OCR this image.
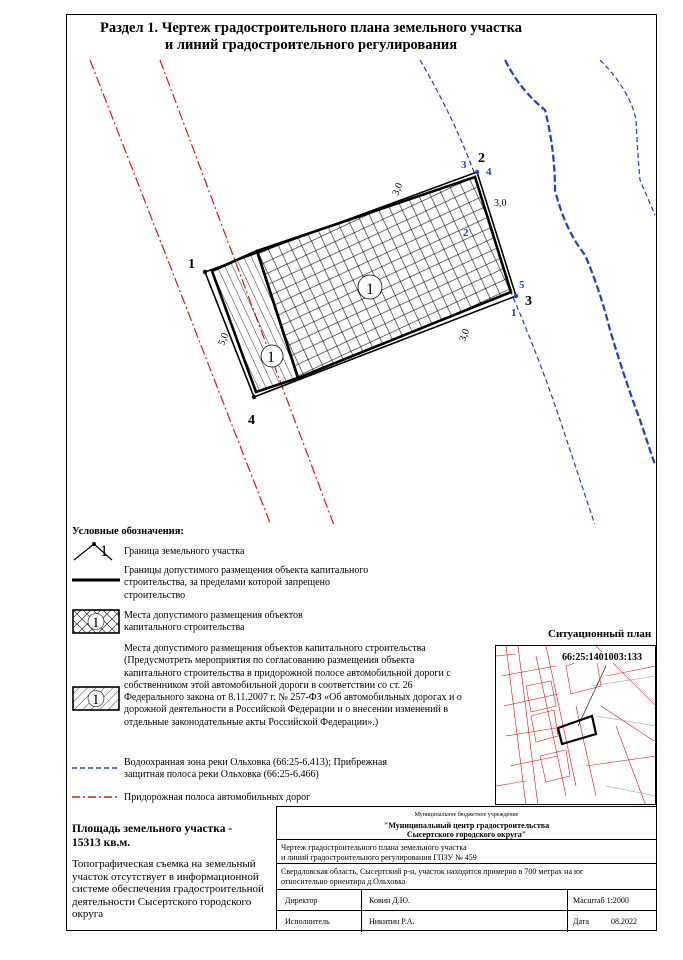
Раздел 1. Чертеж градостроительного плана земельного участка
и линий градостроительного регулирования
1
2
3
4
3
4
2
5
1
3,0
3,0
3,0
5,0
1
1
Условные обозначения:
1 Граница земельного участка
Границы допустимого размещения объекта капитального строительства, за пределами которой запрещено строительство
1 Места допустимого размещения объектов капитального строительства
1
Места допустимого размещения объектов капитального строительства (Предусмотреть мероприятия по согласованию размещения объекта капитального строительства в придорожной полосе автомобильной дороги с собственником этой автомобильной дороги в соответствии со ст. 26 Федерального закона от 8.11.2007 г. № 257-ФЗ «Об автомобильных дорогах и о дорожной деятельности в Российской Федерации и о внесении изменений в отдельные законодательные акты Российской Федерации».)
Водоохранная зона реки Ольховка (66:25-6.413); Прибрежная защитная полоса реки Ольховка (66:25-6.466)
Придорожная полоса автомобильных дорог
Площадь земельного участка -
15313 кв.м.
Топографическая съемка на земельный участок отсутствует в информационной системе обеспечения градостроительной деятельности Сысертского городского округа
Ситуационный план
66:25:1401003:133
Муниципальное бюджетное учреждение
"Муниципальный центр градостроительства
Сысертского городского округа"
Чертеж градостроительного плана земельного участка
и линий градостроительного регулирования ГПЗУ № 459
Свердловская область, Сысертский р-н, участок находится примерно в 700 метрах на юг
относительно ориентира д.Ольховка
Директор	Ковин Д.Ю.	Масштаб 1:2000
Исполнитель	Никитин Р.А.	Дата	08.2022
